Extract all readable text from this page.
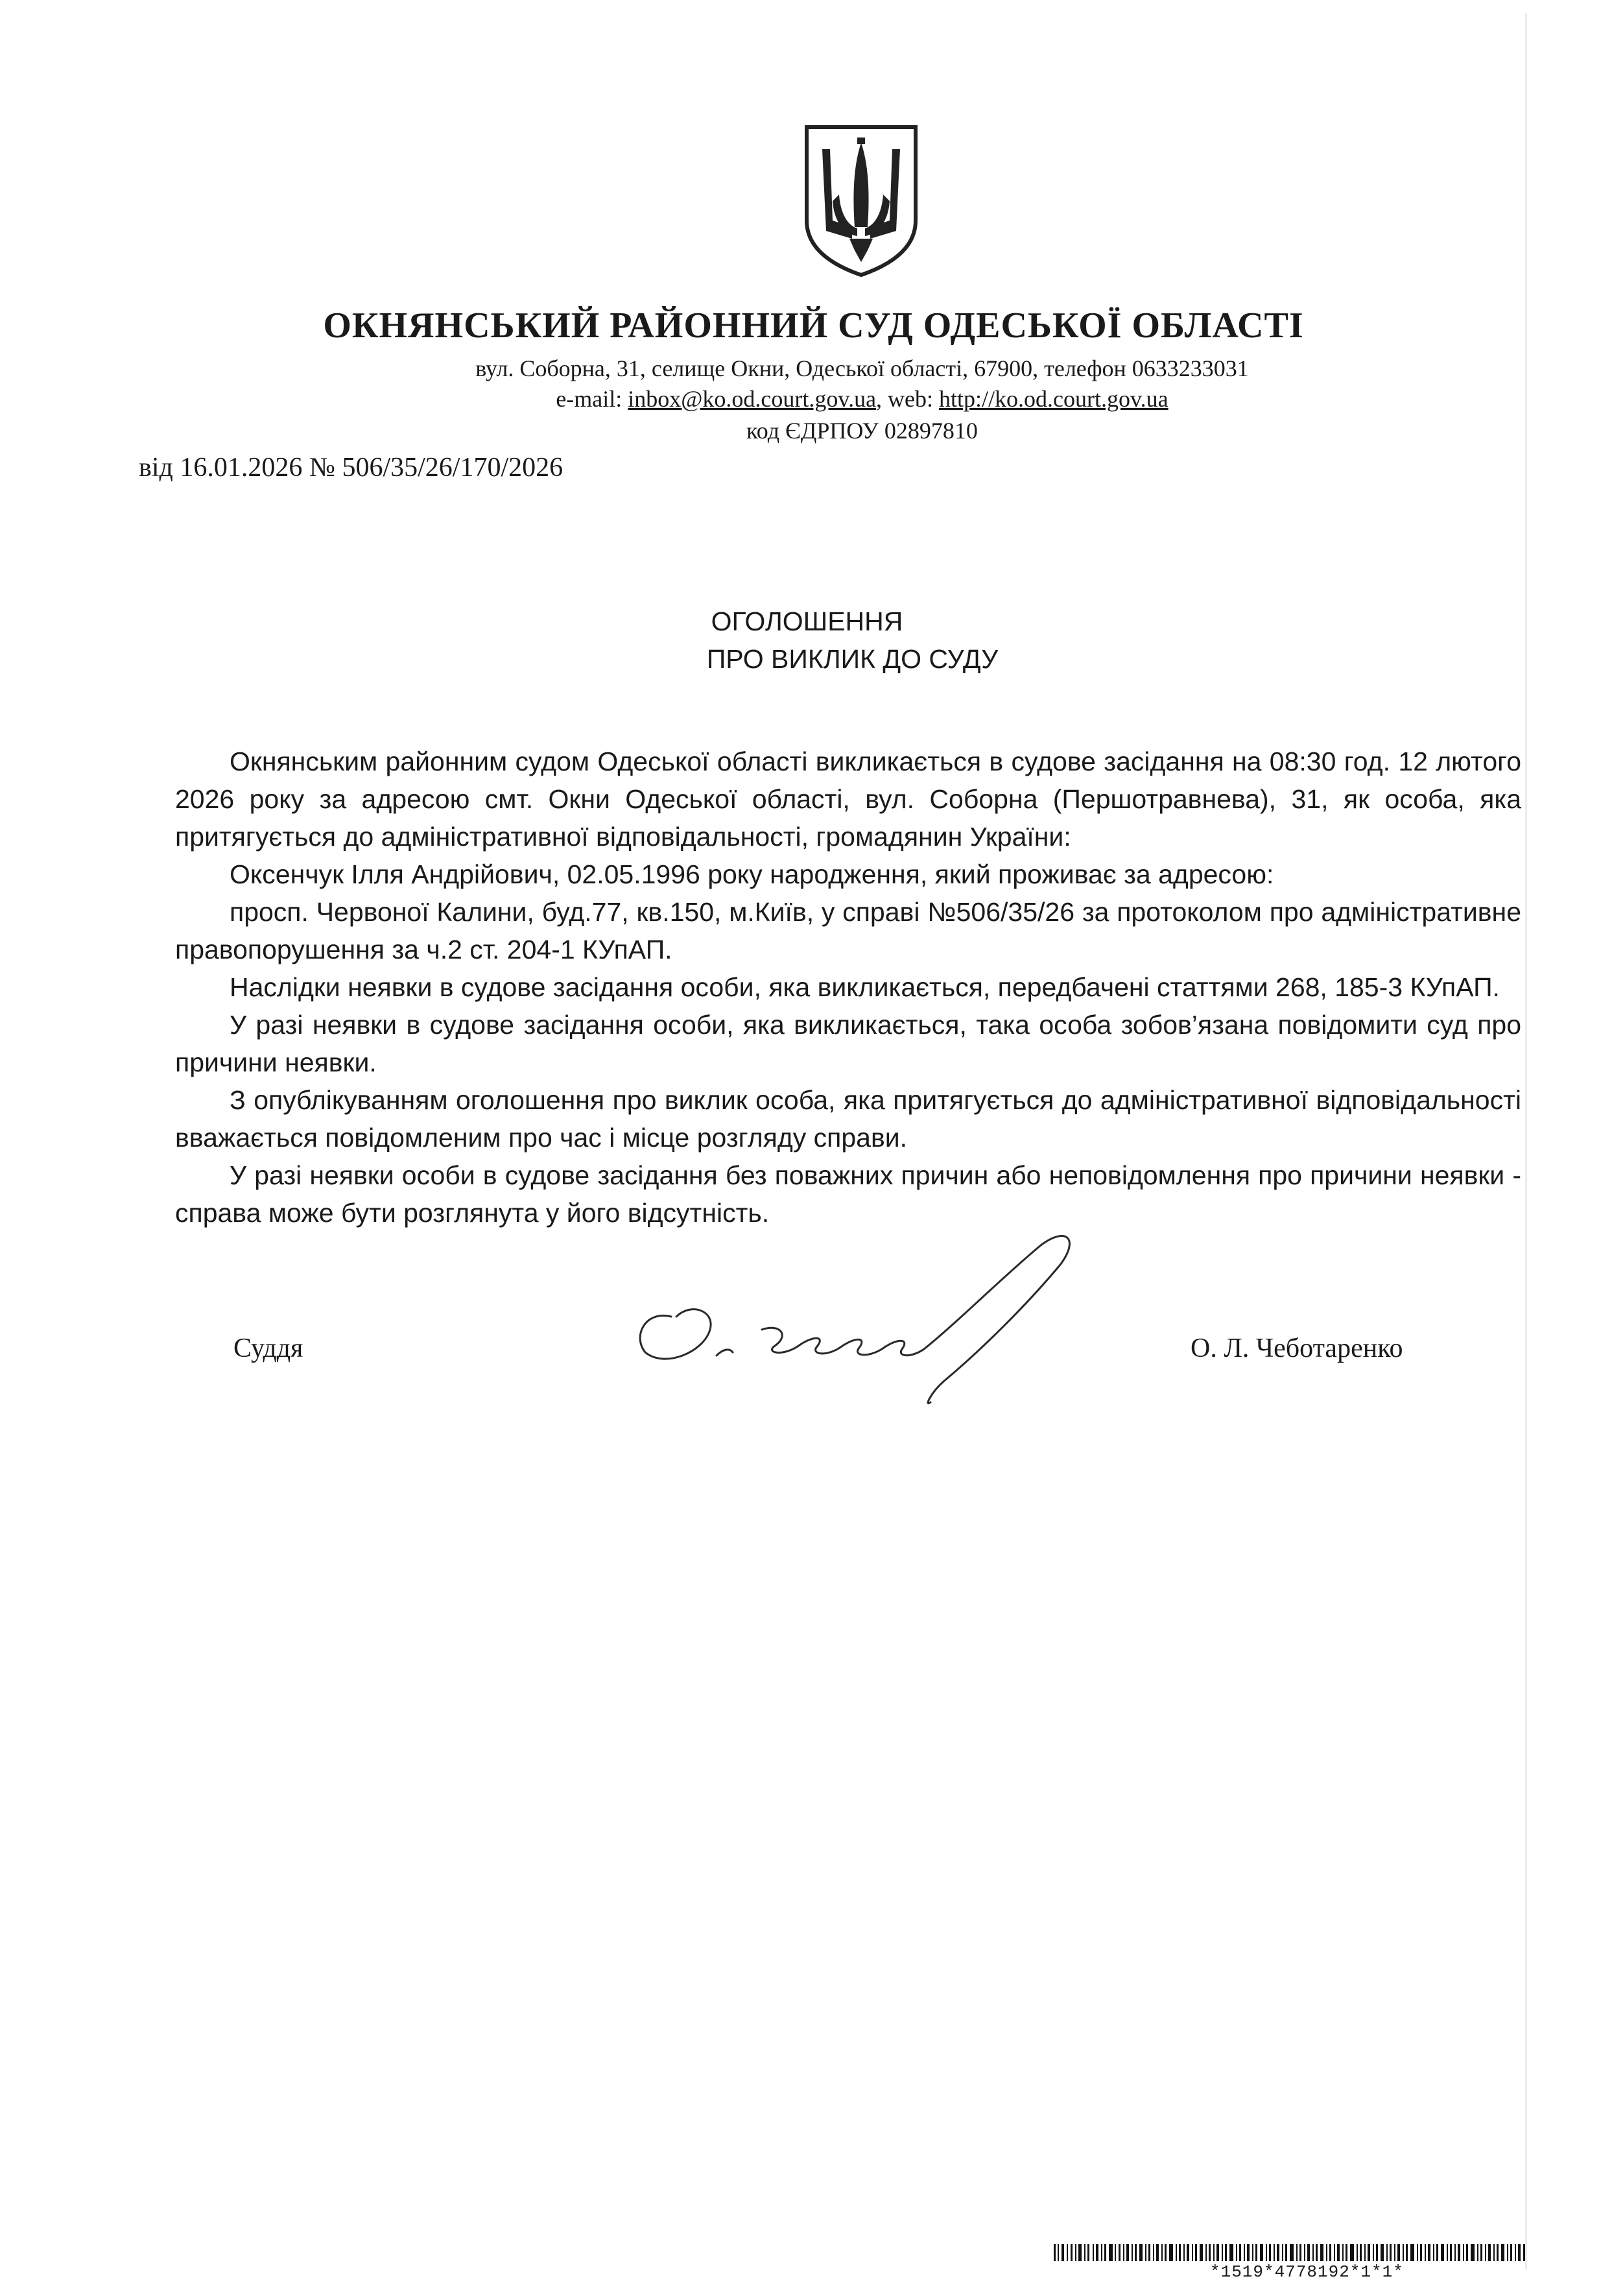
ОКНЯНСЬКИЙ РАЙОННИЙ СУД ОДЕСЬКОЇ ОБЛАСТІ
вул. Соборна, 31, селище Окни, Одеської області, 67900, телефон 0633233031
e-mail: inbox@ko.od.court.gov.ua, web: http://ko.od.court.gov.ua
код ЄДРПОУ 02897810
від 16.01.2026 № 506/35/26/170/2026
ОГОЛОШЕННЯ
ПРО ВИКЛИК ДО СУДУ

Окнянським районним судом Одеської області викликається в судове засідання на 08:30 год. 12 лютого 2026 року за адресою смт. Окни Одеської області, вул. Соборна (Першотравнева), 31, як особа, яка притягується до адміністративної відповідальності, громадянин України:

Оксенчук Ілля Андрійович, 02.05.1996 року народження, який проживає за адресою:

просп. Червоної Калини, буд.77, кв.150, м.Київ, у справі №506/35/26 за протоколом про адміністративне правопорушення за ч.2 ст. 204-1 КУпАП.

Наслідки неявки в судове засідання особи, яка викликається, передбачені статтями 268, 185-3 КУпАП.

У разі неявки в судове засідання особи, яка викликається, така особа зобов’язана повідомити суд про причини неявки.

З опублікуванням оголошення про виклик особа, яка притягується до адміністративної відповідальності вважається повідомленим про час і місце розгляду справи.

У разі неявки особи в судове засідання без поважних причин або неповідомлення про причини неявки - справа може бути розглянута у його відсутність.

Суддя	О. Л. Чеботаренко
*1519*4778192*1*1*
